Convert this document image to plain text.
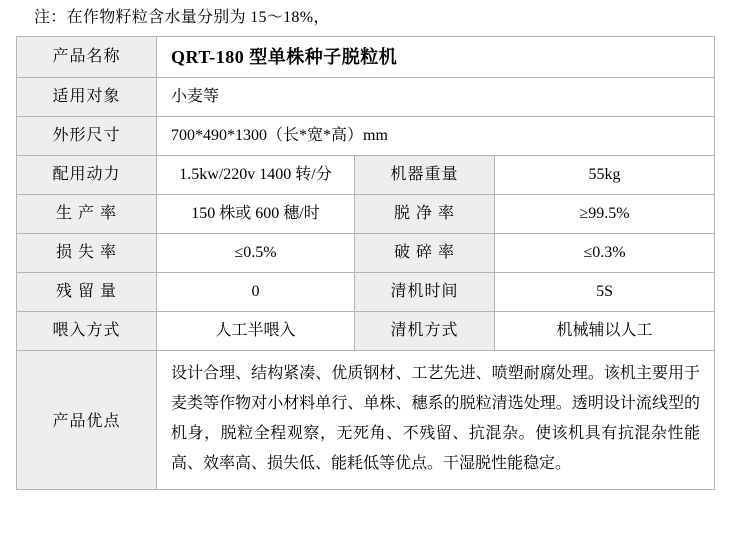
注：在作物籽粒含水量分别为 15～18%，
产品名称	QRT-180 型单株种子脱粒机		

适用对象	小麦等		

外形尺寸	700*490*1300（长*宽*高）mm		

配用动力	1.5kw/220v 1400 转/分	机器重量	55kg

生 产 率	150 株或 600 穗/时	脱 净 率	≥99.5%

损 失 率	≤0.5%	破 碎 率	≤0.3%

残 留 量	0	清机时间	5S

喂入方式	人工半喂入	清机方式	机械辅以人工

产品优点	设计合理、结构紧凑、优质钢材、工艺先进、喷塑耐腐处理。该机主要用于麦类等作物对小材料单行、单株、穗系的脱粒清选处理。透明设计流线型的机身，脱粒全程观察，无死角、不残留、抗混杂。使该机具有抗混杂性能高、效率高、损失低、能耗低等优点。干湿脱性能稳定。		
